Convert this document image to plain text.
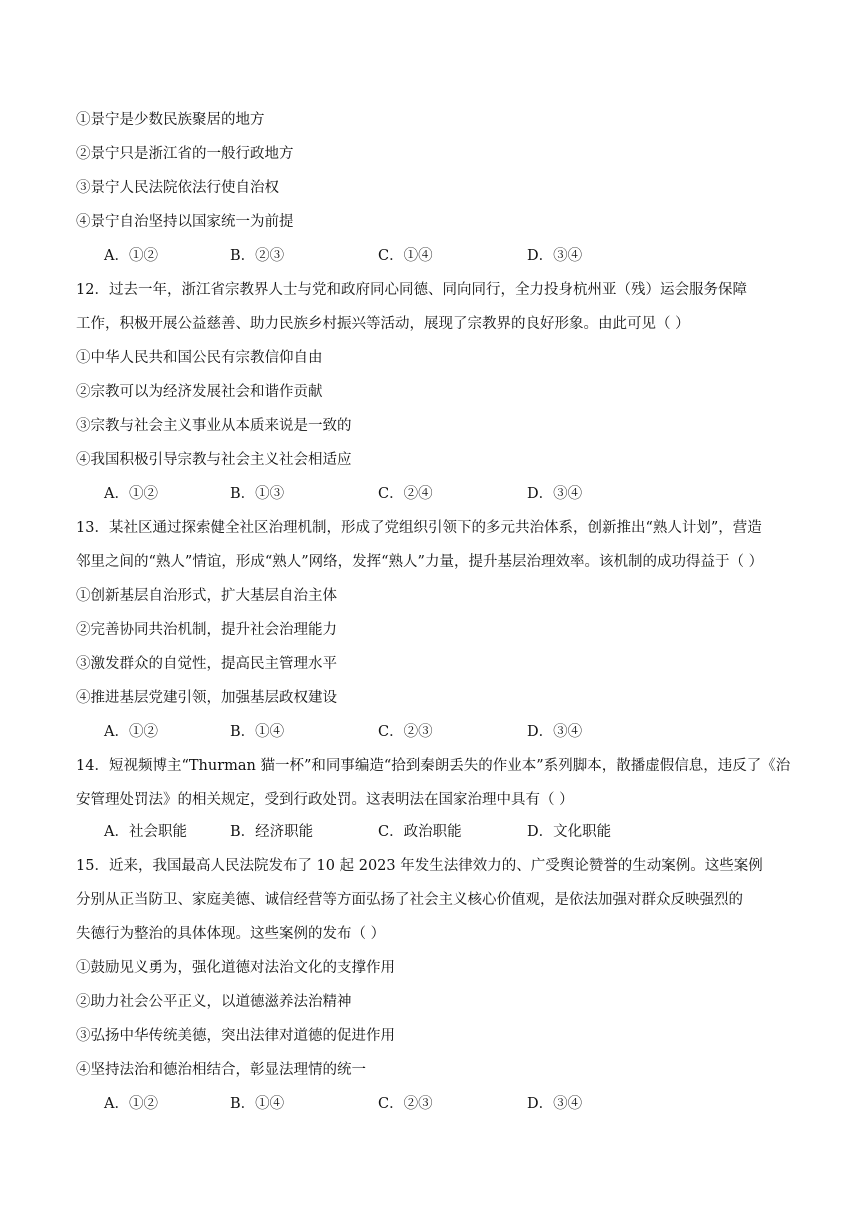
①景宁是少数民族聚居的地方
②景宁只是浙江省的一般行政地方
③景宁人民法院依法行使自治权
④景宁自治坚持以国家统一为前提
A．①②	B．②③	C．①④	D．③④
12．过去一年，浙江省宗教界人士与党和政府同心同德、同向同行，全力投身杭州亚（残）运会服务保障
工作，积极开展公益慈善、助力民族乡村振兴等活动，展现了宗教界的良好形象。由此可见（ ）
①中华人民共和国公民有宗教信仰自由
②宗教可以为经济发展社会和谐作贡献
③宗教与社会主义事业从本质来说是一致的
④我国积极引导宗教与社会主义社会相适应
A．①②	B．①③	C．②④	D．③④
13．某社区通过探索健全社区治理机制，形成了党组织引领下的多元共治体系，创新推出“熟人计划”，营造
邻里之间的“熟人”情谊，形成“熟人”网络，发挥“熟人”力量，提升基层治理效率。该机制的成功得益于（ ）
①创新基层自治形式，扩大基层自治主体
②完善协同共治机制，提升社会治理能力
③激发群众的自觉性，提高民主管理水平
④推进基层党建引领，加强基层政权建设
A．①②	B．①④	C．②③	D．③④
14．短视频博主“Thurman 猫一杯”和同事编造“拾到秦朗丢失的作业本”系列脚本，散播虚假信息，违反了《治
安管理处罚法》的相关规定，受到行政处罚。这表明法在国家治理中具有（ ）
A．社会职能	B．经济职能	C．政治职能	D．文化职能
15．近来，我国最高人民法院发布了 10 起 2023 年发生法律效力的、广受舆论赞誉的生动案例。这些案例
分别从正当防卫、家庭美德、诚信经营等方面弘扬了社会主义核心价值观，是依法加强对群众反映强烈的
失德行为整治的具体体现。这些案例的发布（ ）
①鼓励见义勇为，强化道德对法治文化的支撑作用
②助力社会公平正义，以道德滋养法治精神
③弘扬中华传统美德，突出法律对道德的促进作用
④坚持法治和德治相结合，彰显法理情的统一
A．①②	B．①④	C．②③	D．③④
